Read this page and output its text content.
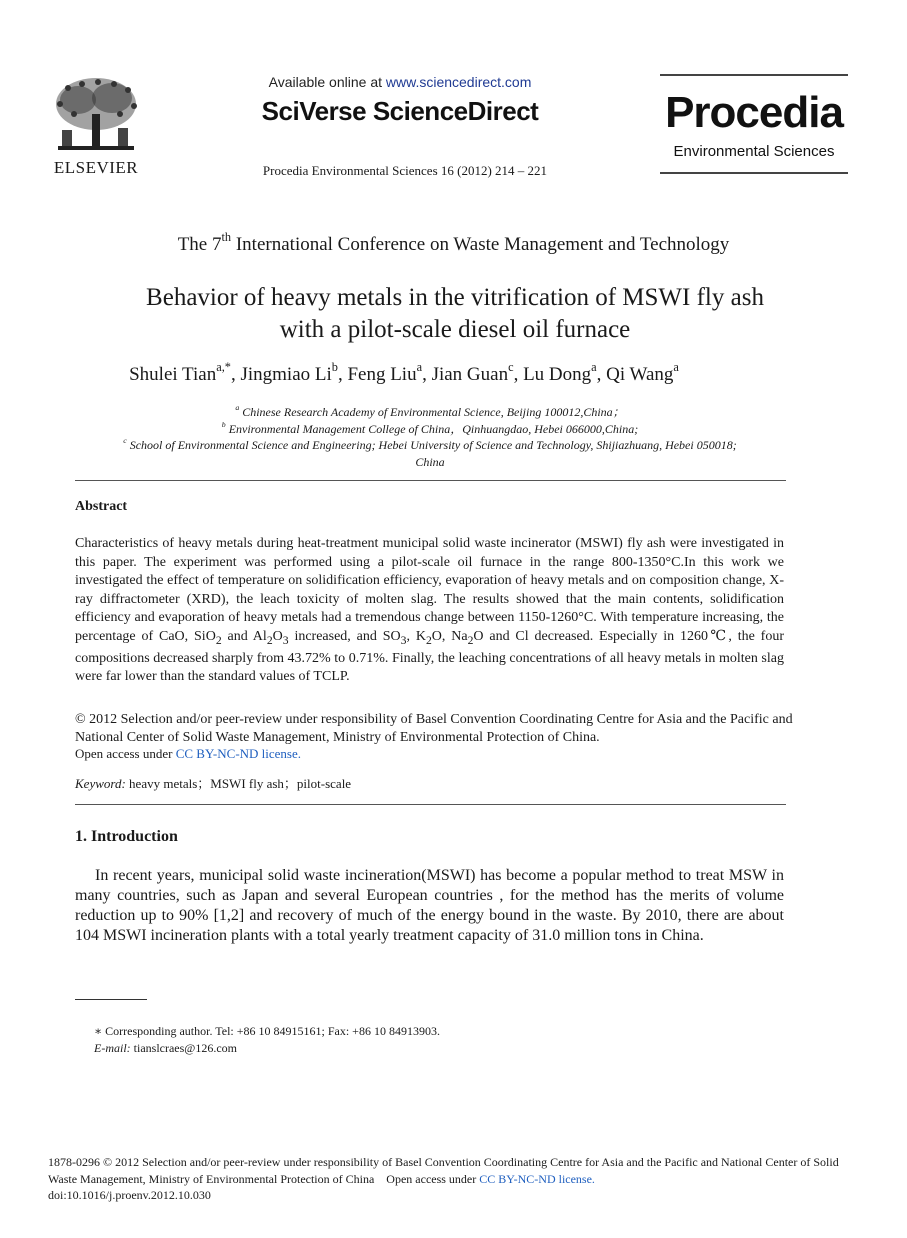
ELSEVIER
Available online at www.sciencedirect.com
SciVerse ScienceDirect
Procedia Environmental Sciences 16 (2012) 214 – 221
Procedia
Environmental Sciences
The 7th International Conference on Waste Management and Technology
Behavior of heavy metals in the vitrification of MSWI fly ash
with a pilot-scale diesel oil furnace
Shulei Tian$^{a,*}$, Jingmiao Li$^b$, Feng Liu$^a$, Jian Guan$^c$, Lu Dong$^a$, Qi Wang$^a$
$^a$ Chinese Research Academy of Environmental Science, Beijing 100012,China；
$^b$ Environmental Management College of China，Qinhuangdao, Hebei 066000,China;
$^c$ School of Environmental Science and Engineering; Hebei University of Science and Technology, Shijiazhuang, Hebei 050018;
China
Abstract
Characteristics of heavy metals during heat-treatment municipal solid waste incinerator (MSWI) fly ash were investigated in this paper. The experiment was performed using a pilot-scale oil furnace in the range 800-1350°C.In this work we investigated the effect of temperature on solidification efficiency, evaporation of heavy metals and on composition change, X-ray diffractometer (XRD), the leach toxicity of molten slag. The results showed that the main contents, solidification efficiency and evaporation of heavy metals had a tremendous change between 1150-1260°C. With temperature increasing, the percentage of CaO, SiO$_2$ and $Al_2O_3$ increased, and $SO_3$, $K_2O$, $Na_2O$ and Cl decreased. Especially in 1260℃, the four compositions decreased sharply from 43.72% to 0.71%. Finally, the leaching concentrations of all heavy metals in molten slag were far lower than the standard values of TCLP.
© 2012 Selection and/or peer-review under responsibility of Basel Convention Coordinating Centre for Asia and the Pacific and National Center of Solid Waste Management, Ministry of Environmental Protection of China.
Open access under CC BY-NC-ND license.
Keyword: heavy metals；MSWI fly ash；pilot-scale
1. Introduction
In recent years, municipal solid waste incineration(MSWI) has become a popular method to treat MSW in many countries, such as Japan and several European countries , for the method has the merits of volume reduction up to 90% [1,2] and recovery of much of the energy bound in the waste. By 2010, there are about 104 MSWI incineration plants with a total yearly treatment capacity of 31.0 million tons in China.
∗ Corresponding author. Tel: +86 10 84915161; Fax: +86 10 84913903.
E-mail: tianslcraes@126.com
1878-0296 © 2012 Selection and/or peer-review under responsibility of Basel Convention Coordinating Centre for Asia and the Pacific and National Center of Solid Waste Management, Ministry of Environmental Protection of China Open access under CC BY-NC-ND license.
doi:10.1016/j.proenv.2012.10.030
